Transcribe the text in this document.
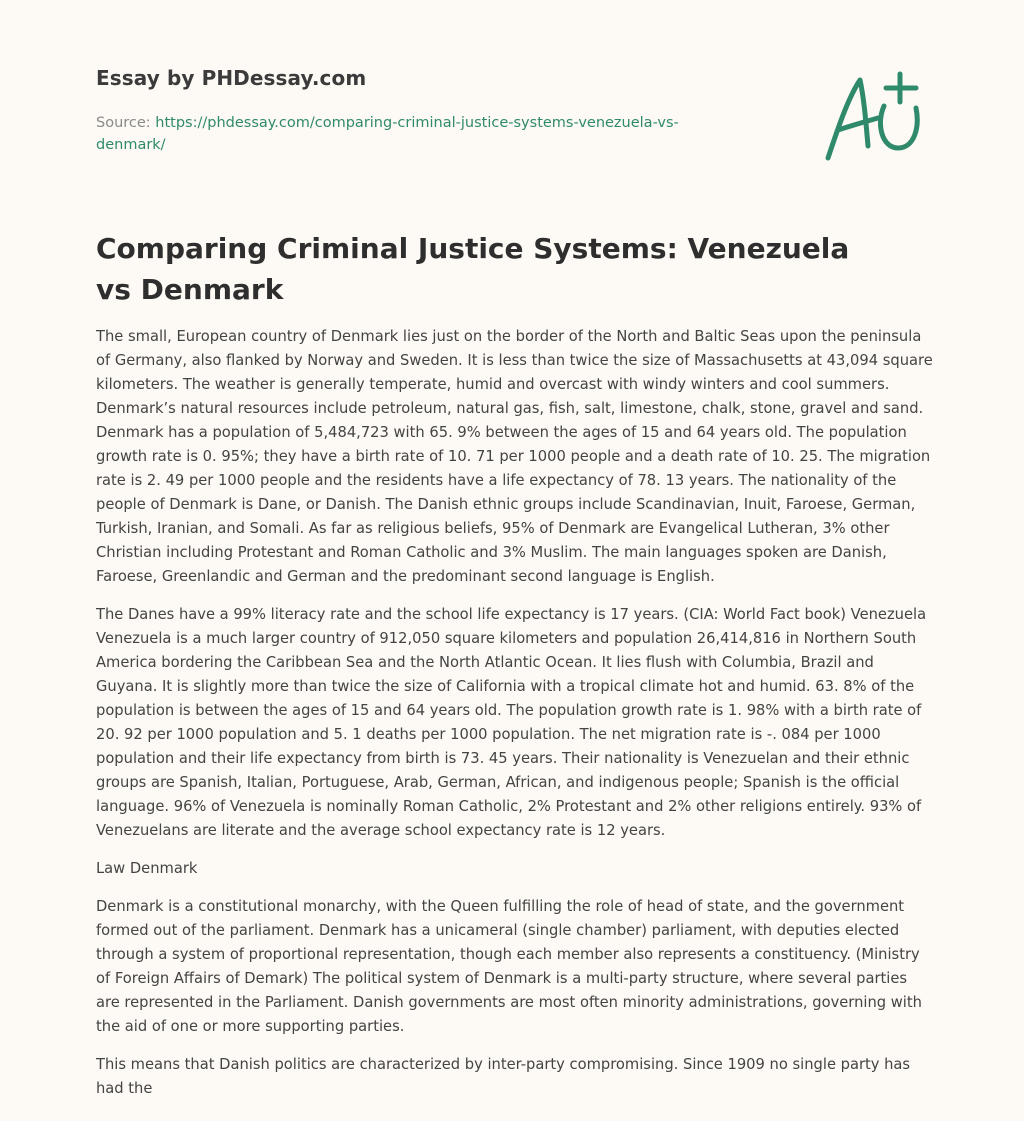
Essay by PHDessay.com
Source: https://phdessay.com/comparing-criminal-justice-systems-venezuela-vs-denmark/
Comparing Criminal Justice Systems: Venezuela vs Denmark

The small, European country of Denmark lies just on the border of the North and Baltic Seas upon the peninsula of Germany, also flanked by Norway and Sweden. It is less than twice the size of Massachusetts at 43,094 square kilometers. The weather is generally temperate, humid and overcast with windy winters and cool summers. Denmark’s natural resources include petroleum, natural gas, fish, salt, limestone, chalk, stone, gravel and sand. Denmark has a population of 5,484,723 with 65. 9% between the ages of 15 and 64 years old. The population growth rate is 0. 95%; they have a birth rate of 10. 71 per 1000 people and a death rate of 10. 25. The migration rate is 2. 49 per 1000 people and the residents have a life expectancy of 78. 13 years. The nationality of the people of Denmark is Dane, or Danish. The Danish ethnic groups include Scandinavian, Inuit, Faroese, German, Turkish, Iranian, and Somali. As far as religious beliefs, 95% of Denmark are Evangelical Lutheran, 3% other Christian including Protestant and Roman Catholic and 3% Muslim. The main languages spoken are Danish, Faroese, Greenlandic and German and the predominant second language is English.

The Danes have a 99% literacy rate and the school life expectancy is 17 years. (CIA: World Fact book) Venezuela Venezuela is a much larger country of 912,050 square kilometers and population 26,414,816 in Northern South America bordering the Caribbean Sea and the North Atlantic Ocean. It lies flush with Columbia, Brazil and Guyana. It is slightly more than twice the size of California with a tropical climate hot and humid. 63. 8% of the population is between the ages of 15 and 64 years old. The population growth rate is 1. 98% with a birth rate of 20. 92 per 1000 population and 5. 1 deaths per 1000 population. The net migration rate is -. 084 per 1000 population and their life expectancy from birth is 73. 45 years. Their nationality is Venezuelan and their ethnic groups are Spanish, Italian, Portuguese, Arab, German, African, and indigenous people; Spanish is the official language. 96% of Venezuela is nominally Roman Catholic, 2% Protestant and 2% other religions entirely. 93% of Venezuelans are literate and the average school expectancy rate is 12 years.

Law Denmark

Denmark is a constitutional monarchy, with the Queen fulfilling the role of head of state, and the government formed out of the parliament. Denmark has a unicameral (single chamber) parliament, with deputies elected through a system of proportional representation, though each member also represents a constituency. (Ministry of Foreign Affairs of Demark) The political system of Denmark is a multi-party structure, where several parties are represented in the Parliament. Danish governments are most often minority administrations, governing with the aid of one or more supporting parties.

This means that Danish politics are characterized by inter-party compromising. Since 1909 no single party has had the
